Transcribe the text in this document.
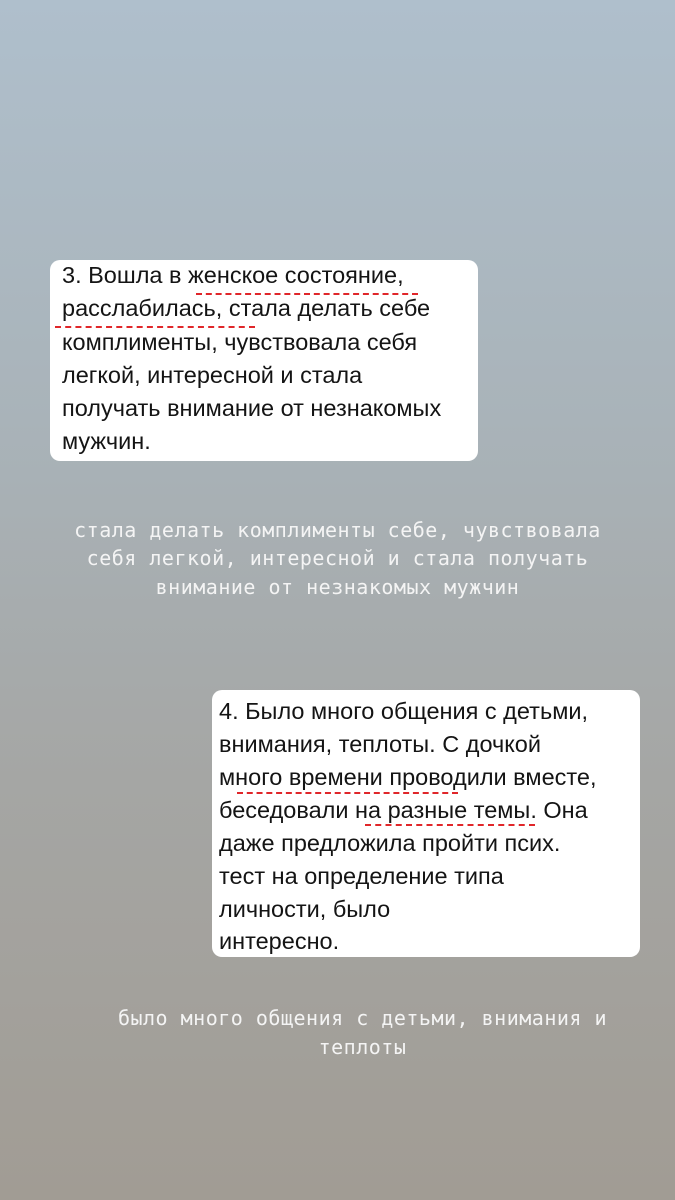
3. Вошла в женское состояние,
расслабилась, стала делать себе
комплименты, чувствовала себя
легкой, интересной и стала
получать внимание от незнакомых
мужчин.
стала делать комплименты себе, чувствовала
себя легкой, интересной и стала получать
внимание от незнакомых мужчин
4. Было много общения с детьми,
внимания, теплоты. С дочкой
много времени проводили вместе,
беседовали на разные темы. Она
даже предложила пройти псих.
тест на определение типа
личности, было
интересно.
было много общения с детьми, внимания и
теплоты
